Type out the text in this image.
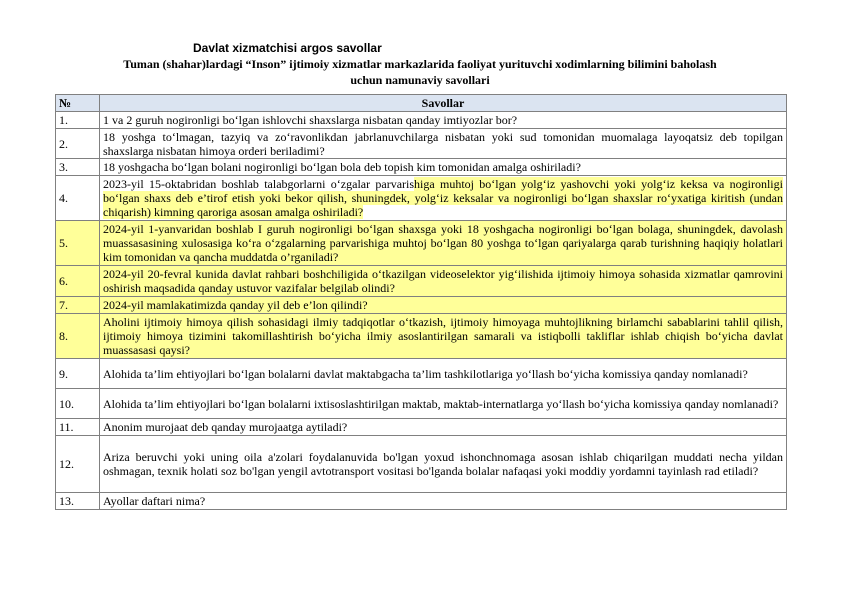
Davlat xizmatchisi argos savollar
Tuman (shahar)lardagi “Inson” ijtimoiy xizmatlar markazlarida faoliyat yurituvchi xodimlarning bilimini baholash
uchun namunaviy savollari
№	Savollar
1.	1 va 2 guruh nogironligi bo‘lgan ishlovchi shaxslarga nisbatan qanday imtiyozlar bor?
2.	18 yoshga to‘lmagan, tazyiq va zo‘ravonlikdan jabrlanuvchilarga nisbatan yoki sud tomonidan muomalaga layoqatsiz deb topilgan shaxslarga nisbatan himoya orderi beriladimi?
3.	18 yoshgacha bo‘lgan bolani nogironligi bo‘lgan bola deb topish kim tomonidan amalga oshiriladi?
4.	2023-yil 15-oktabridan boshlab talabgorlarni o‘zgalar parvarishiga muhtoj bo‘lgan yolg‘iz yashovchi yoki yolg‘iz keksa va nogironligi bo‘lgan shaxs deb e’tirof etish yoki bekor qilish, shuningdek, yolg‘iz keksalar va nogironligi bo‘lgan shaxslar ro‘yxatiga kiritish (undan chiqarish) kimning qaroriga asosan amalga oshiriladi?
5.	2024-yil 1-yanvaridan boshlab I guruh nogironligi bo‘lgan shaxsga yoki 18 yoshgacha nogironligi bo‘lgan bolaga, shuningdek, davolash muassasasining xulosasiga ko‘ra o‘zgalarning parvarishiga muhtoj bo‘lgan 80 yoshga to‘lgan qariyalarga qarab turishning haqiqiy holatlari kim tomonidan va qancha muddatda o’rganiladi?
6.	2024-yil 20-fevral kunida davlat rahbari boshchiligida o‘tkazilgan videoselektor yig‘ilishida ijtimoiy himoya sohasida xizmatlar qamrovini oshirish maqsadida qanday ustuvor vazifalar belgilab olindi?
7.	2024-yil mamlakatimizda qanday yil deb e’lon qilindi?
8.	Aholini ijtimoiy himoya qilish sohasidagi ilmiy tadqiqotlar o‘tkazish, ijtimoiy himoyaga muhtojlikning birlamchi sabablarini tahlil qilish, ijtimoiy himoya tizimini takomillashtirish bo‘yicha ilmiy asoslantirilgan samarali va istiqbolli takliflar ishlab chiqish bo‘yicha davlat muassasasi qaysi?
9.	Alohida ta’lim ehtiyojlari bo‘lgan bolalarni davlat maktabgacha ta’lim tashkilotlariga yo‘llash bo‘yicha komissiya qanday nomlanadi?
10.	Alohida ta’lim ehtiyojlari bo‘lgan bolalarni ixtisoslashtirilgan maktab, maktab-internatlarga yo‘llash bo‘yicha komissiya qanday nomlanadi?
11.	Anonim murojaat deb qanday murojaatga aytiladi?
12.	Ariza beruvchi yoki uning oila a'zolari foydalanuvida bo'lgan yoxud ishonchnomaga asosan ishlab chiqarilgan muddati necha yildan oshmagan, texnik holati soz bo'lgan yengil avtotransport vositasi bo'lganda bolalar nafaqasi yoki moddiy yordamni tayinlash rad etiladi?
13.	Ayollar daftari nima?
